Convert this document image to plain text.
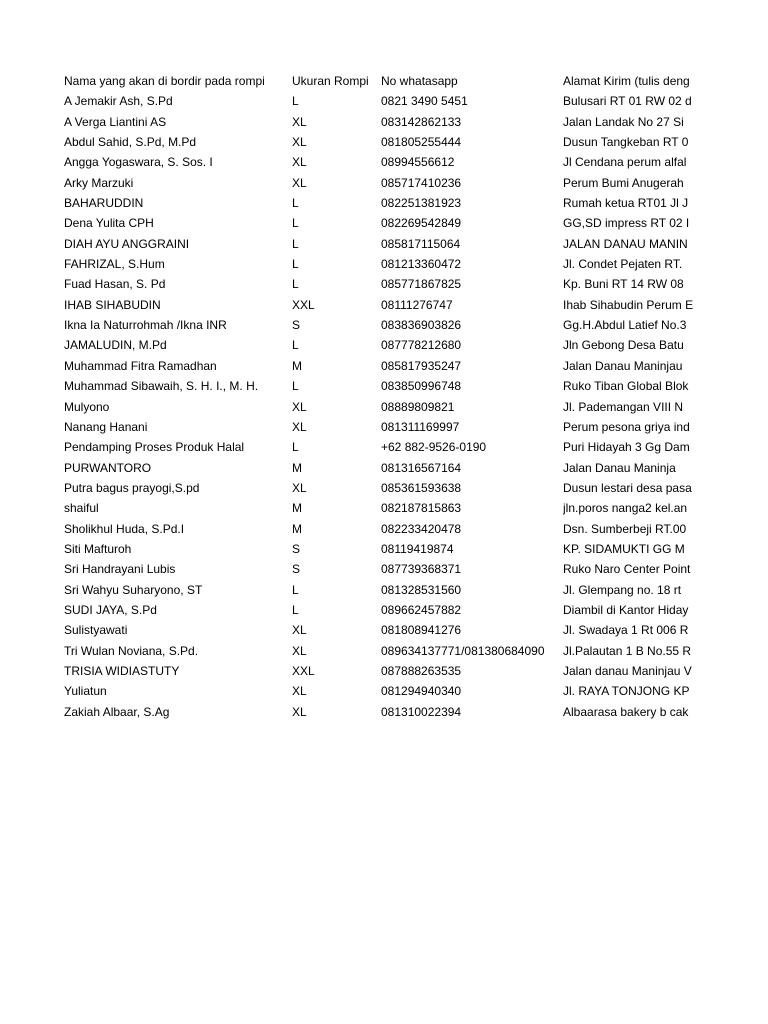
Nama yang akan di bordir pada rompi	Ukuran Rompi	No whatasapp	Alamat Kirim (tulis deng
A Jemakir Ash, S.Pd	L	0821 3490 5451	Bulusari RT 01 RW 02 d
A Verga Liantini AS	XL	083142862133	Jalan Landak No 27 Si
Abdul Sahid, S.Pd, M.Pd	XL	081805255444	Dusun Tangkeban RT 0
Angga Yogaswara, S. Sos. I	XL	08994556612	Jl Cendana perum alfal
Arky Marzuki	XL	085717410236	Perum Bumi Anugerah
BAHARUDDIN	L	082251381923	Rumah ketua RT01 Jl J
Dena Yulita CPH	L	082269542849	GG,SD impress RT 02 I
DIAH AYU ANGGRAINI	L	085817115064	JALAN DANAU MANIN
FAHRIZAL, S.Hum	L	081213360472	Jl. Condet Pejaten RT.
Fuad Hasan, S. Pd	L	085771867825	Kp. Buni RT 14 RW 08
IHAB SIHABUDIN	XXL	08111276747	Ihab Sihabudin Perum E
Ikna Ia Naturrohmah /Ikna INR	S	083836903826	Gg.H.Abdul Latief No.3
JAMALUDIN, M.Pd	L	087778212680	Jln Gebong Desa Batu
Muhammad Fitra Ramadhan	M	085817935247	Jalan Danau Maninjau
Muhammad Sibawaih, S. H. I., M. H.	L	083850996748	Ruko Tiban Global Blok
Mulyono	XL	08889809821	Jl. Pademangan VIII N
Nanang Hanani	XL	081311169997	Perum pesona griya ind
Pendamping Proses Produk Halal	L	+62 882-9526-0190	Puri Hidayah 3 Gg Dam
PURWANTORO	M	081316567164	Jalan Danau Maninja
Putra bagus prayogi,S.pd	XL	085361593638	Dusun lestari desa pasa
shaiful	M	082187815863	jln.poros nanga2 kel.an
Sholikhul Huda, S.Pd.I	M	082233420478	Dsn. Sumberbeji RT.00
Siti Mafturoh	S	08119419874	KP. SIDAMUKTI GG M
Sri Handrayani Lubis	S	087739368371	Ruko Naro Center Point
Sri Wahyu Suharyono, ST	L	081328531560	Jl. Glempang no. 18 rt
SUDI JAYA, S.Pd	L	089662457882	Diambil di Kantor Hiday
Sulistyawati	XL	081808941276	Jl. Swadaya 1 Rt 006 R
Tri Wulan Noviana, S.Pd.	XL	089634137771/081380684090	Jl.Palautan 1 B No.55 R
TRISIA WIDIASTUTY	XXL	087888263535	Jalan danau Maninjau V
Yuliatun	XL	081294940340	Jl. RAYA TONJONG KP
Zakiah Albaar, S.Ag	XL	081310022394	Albaarasa bakery b cak
